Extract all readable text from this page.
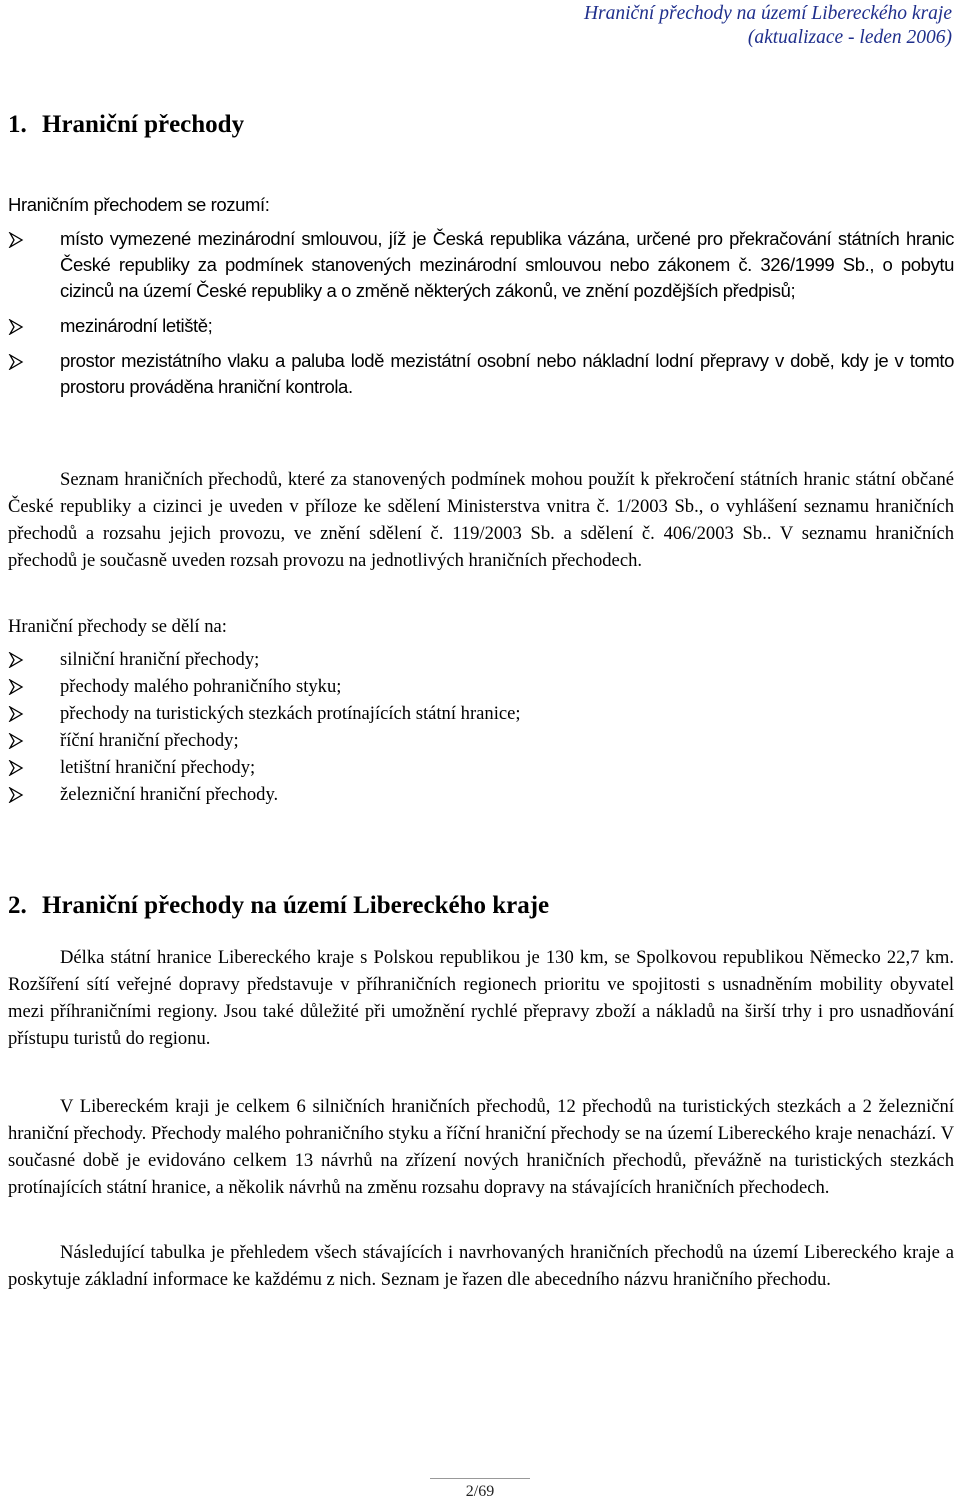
Hraniční přechody na území Libereckého kraje
(aktualizace - leden 2006)
1. Hraniční přechody

Hraničním přechodem se rozumí:

místo vymezené mezinárodní smlouvou, jíž je Česká republika vázána, určené pro překračování státních hranic České republiky za podmínek stanovených mezinárodní smlouvou nebo zákonem č. 326/1999 Sb., o pobytu cizinců na území České republiky a o změně některých zákonů, ve znění pozdějších předpisů;
mezinárodní letiště;
prostor mezistátního vlaku a paluba lodě mezistátní osobní nebo nákladní lodní přepravy v době, kdy je v tomto prostoru prováděna hraniční kontrola.

Seznam hraničních přechodů, které za stanovených podmínek mohou použít k překročení státních hranic státní občané České republiky a cizinci je uveden v příloze ke sdělení Ministerstva vnitra č. 1/2003 Sb., o vyhlášení seznamu hraničních přechodů a rozsahu jejich provozu, ve znění sdělení č. 119/2003 Sb. a sdělení č. 406/2003 Sb.. V seznamu hraničních přechodů je současně uveden rozsah provozu na jednotlivých hraničních přechodech.

Hraniční přechody se dělí na:

silniční hraniční přechody;
přechody malého pohraničního styku;
přechody na turistických stezkách protínajících státní hranice;
říční hraniční přechody;
letištní hraniční přechody;
železniční hraniční přechody.
2. Hraniční přechody na území Libereckého kraje

Délka státní hranice Libereckého kraje s Polskou republikou je 130 km, se Spolkovou republikou Německo 22,7 km. Rozšíření sítí veřejné dopravy představuje v příhraničních regionech prioritu ve spojitosti s usnadněním mobility obyvatel mezi příhraničními regiony. Jsou také důležité při umožnění rychlé přepravy zboží a nákladů na širší trhy i pro usnadňování přístupu turistů do regionu.

V Libereckém kraji je celkem 6 silničních hraničních přechodů, 12 přechodů na turistických stezkách a 2 železniční hraniční přechody. Přechody malého pohraničního styku a říční hraniční přechody se na území Libereckého kraje nenachází. V současné době je evidováno celkem 13 návrhů na zřízení nových hraničních přechodů, převážně na turistických stezkách protínajících státní hranice, a několik návrhů na změnu rozsahu dopravy na stávajících hraničních přechodech.

Následující tabulka je přehledem všech stávajících i navrhovaných hraničních přechodů na území Libereckého kraje a poskytuje základní informace ke každému z nich. Seznam je řazen dle abecedního názvu hraničního přechodu.

2/69
